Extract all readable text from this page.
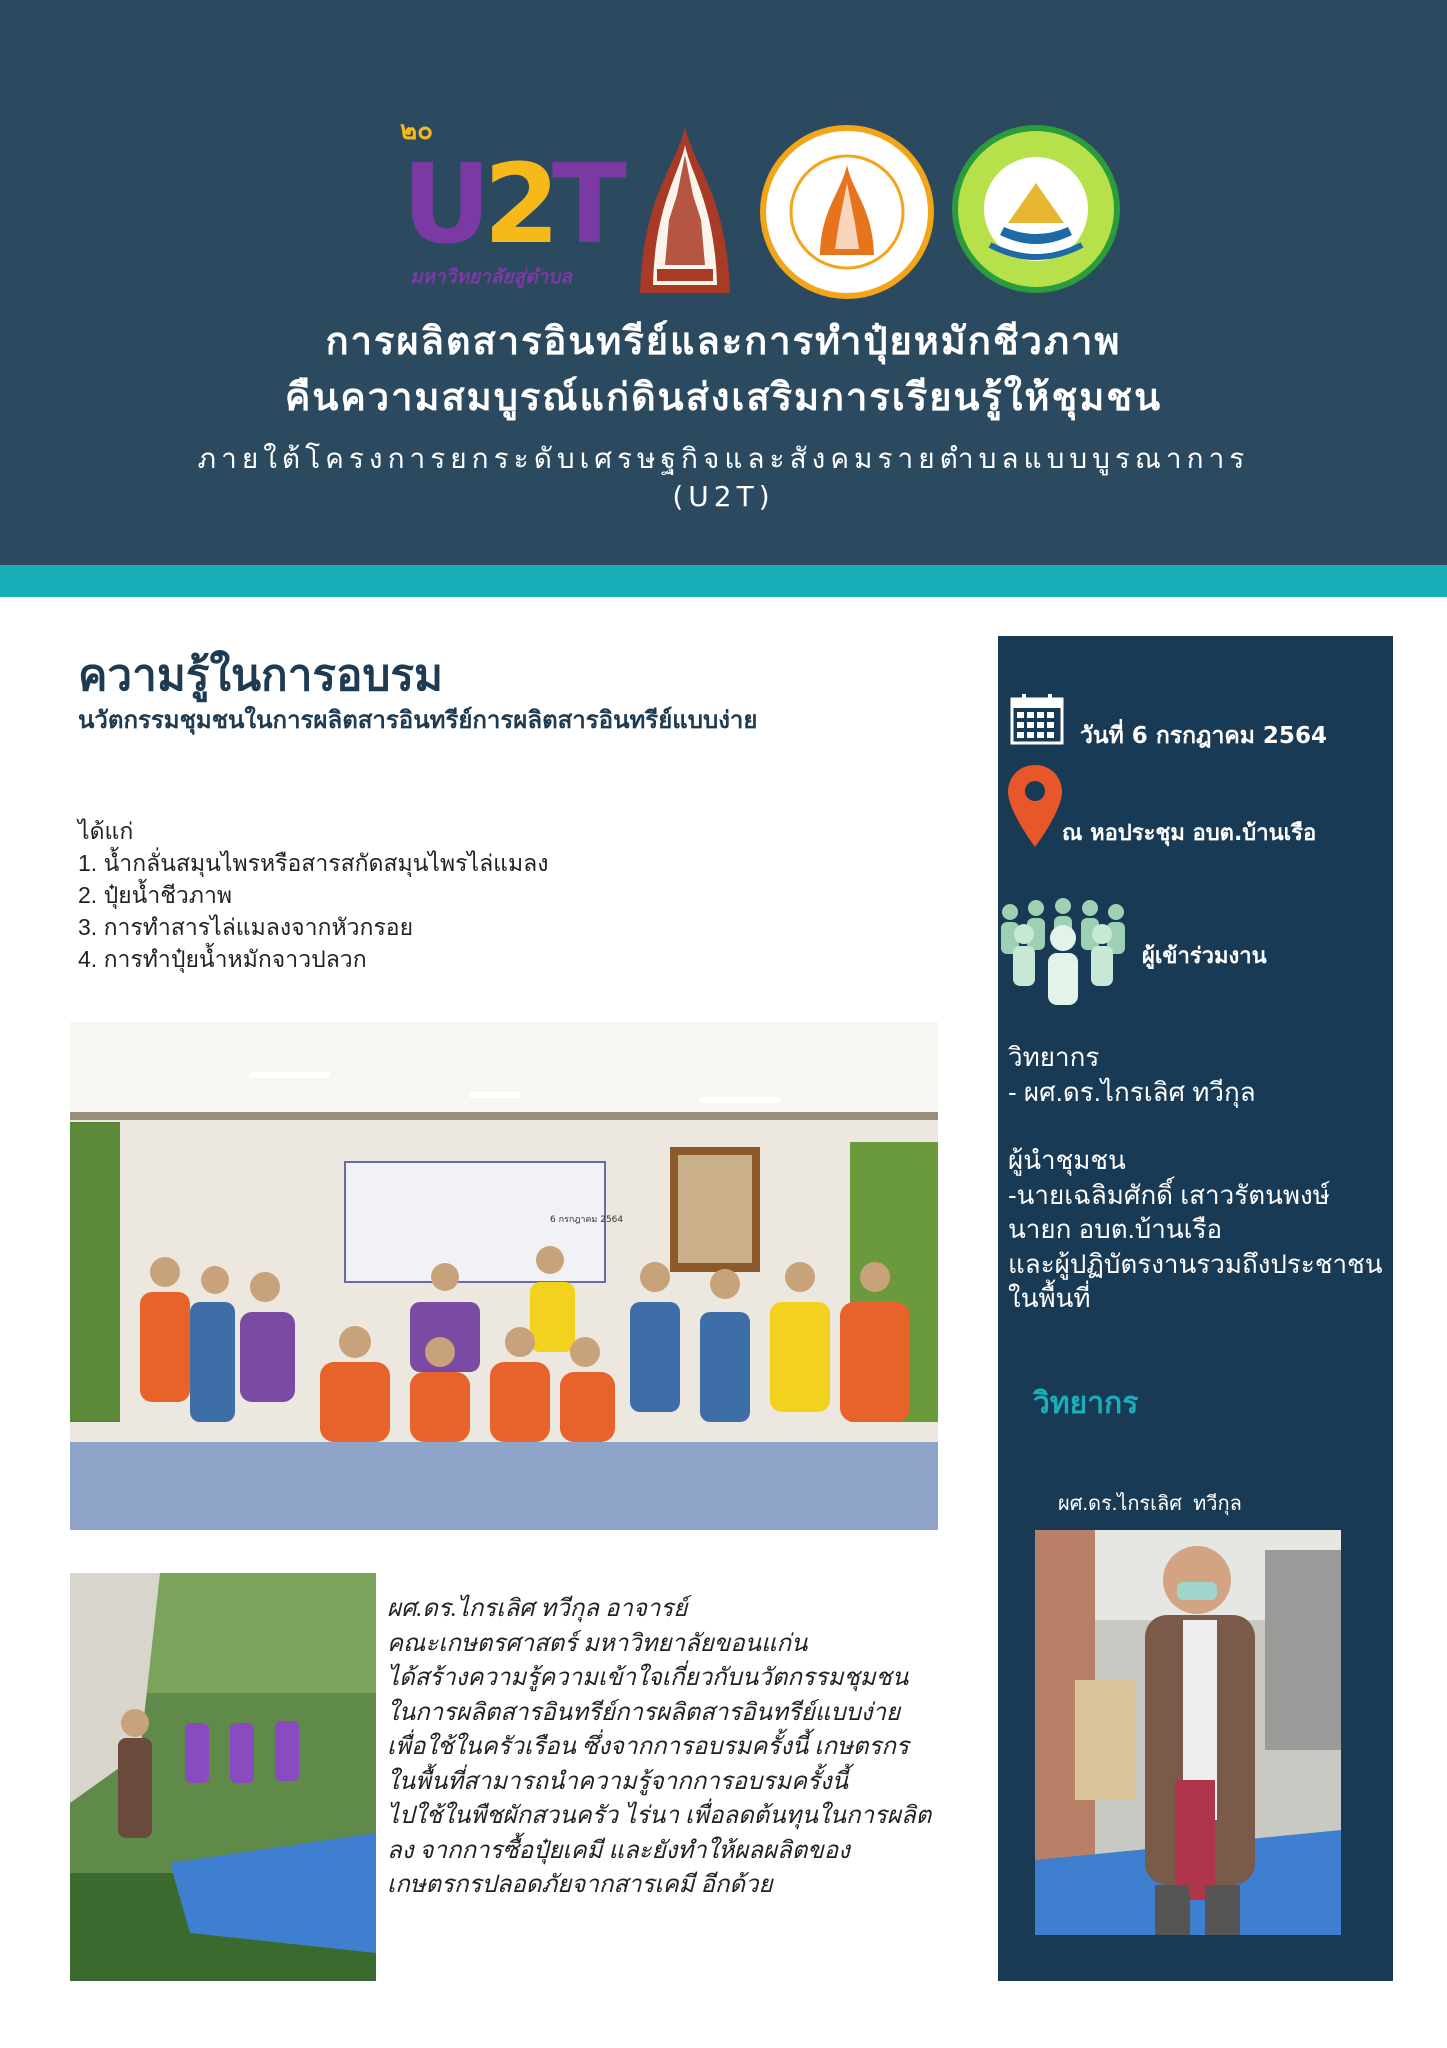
๒๐
U2T
มหาวิทยาลัยสู่ตำบล
การผลิตสารอินทรีย์และการทำปุ๋ยหมักชีวภาพ
คืนความสมบูรณ์แก่ดินส่งเสริมการเรียนรู้ให้ชุมชน
ภายใต้โครงการยกระดับเศรษฐกิจและสังคมรายตำบลแบบบูรณาการ
(U2T)
ความรู้ในการอบรม
นวัตกรรมชุมชนในการผลิตสารอินทรีย์การผลิตสารอินทรีย์แบบง่าย
ได้แก่
1. น้ำกลั่นสมุนไพรหรือสารสกัดสมุนไพรไล่แมลง
2. ปุ๋ยน้ำชีวภาพ
3. การทำสารไล่แมลงจากหัวกรอย
4. การทำปุ๋ยน้ำหมักจาวปลวก
6 กรกฎาคม 2564
ผศ.ดร.ไกรเลิศ ทวีกุล อาจารย์
คณะเกษตรศาสตร์ มหาวิทยาลัยขอนแก่น
ได้สร้างความรู้ความเข้าใจเกี่ยวกับนวัตกรรมชุมชน
ในการผลิตสารอินทรีย์การผลิตสารอินทรีย์แบบง่าย
เพื่อใช้ในครัวเรือน ซึ่งจากการอบรมครั้งนี้ เกษตรกร
ในพื้นที่สามารถนำความรู้จากการอบรมครั้งนี้
ไปใช้ในพืชผักสวนครัว ไร่นา เพื่อลดต้นทุนในการผลิต
ลง จากการซื้อปุ๋ยเคมี และยังทำให้ผลผลิตของ
เกษตรกรปลอดภัยจากสารเคมี อีกด้วย
วันที่ 6 กรกฎาคม 2564
ณ หอประชุม อบต.บ้านเรือ
ผู้เข้าร่วมงาน
วิทยากร
- ผศ.ดร.ไกรเลิศ ทวีกุล
ผู้นำชุมชน
-นายเฉลิมศักดิ์ เสาวรัตนพงษ์
นายก อบต.บ้านเรือ
และผู้ปฏิบัตรงานรวมถึงประชาชน
ในพื้นที่
วิทยากร

ผศ.ดร.ไกรเลิศ  ทวีกุล
